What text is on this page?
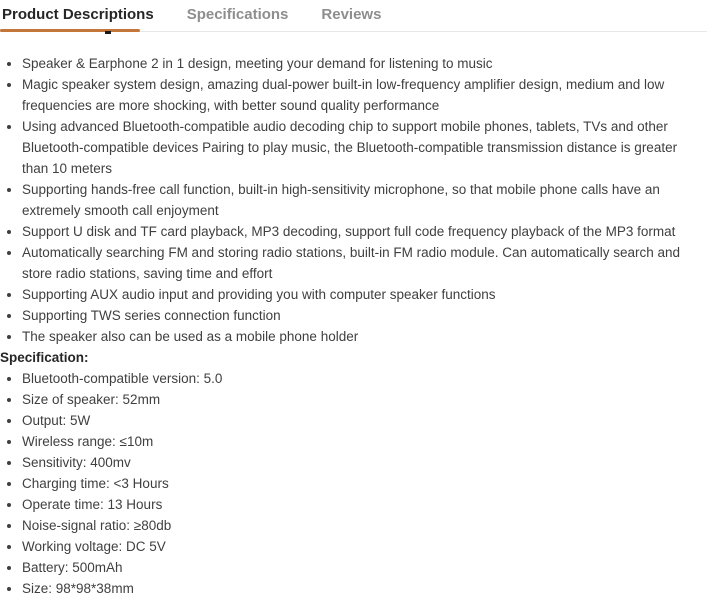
Product Descriptions Specifications Reviews
• Speaker & Earphone 2 in 1 design, meeting your demand for listening to music
• Magic speaker system design, amazing dual-power built-in low-frequency amplifier design, medium and low frequencies are more shocking, with better sound quality performance
• Using advanced Bluetooth-compatible audio decoding chip to support mobile phones, tablets, TVs and other Bluetooth-compatible devices Pairing to play music, the Bluetooth-compatible transmission distance is greater than 10 meters
• Supporting hands-free call function, built-in high-sensitivity microphone, so that mobile phone calls have an extremely smooth call enjoyment
• Support U disk and TF card playback, MP3 decoding, support full code frequency playback of the MP3 format
• Automatically searching FM and storing radio stations, built-in FM radio module. Can automatically search and store radio stations, saving time and effort
• Supporting AUX audio input and providing you with computer speaker functions
• Supporting TWS series connection function
• The speaker also can be used as a mobile phone holder
Specification:
• Bluetooth-compatible version: 5.0
• Size of speaker: 52mm
• Output: 5W
• Wireless range: ≤10m
• Sensitivity: 400mv
• Charging time: <3 Hours
• Operate time: 13 Hours
• Noise-signal ratio: ≥80db
• Working voltage: DC 5V
• Battery: 500mAh
• Size: 98*98*38mm
